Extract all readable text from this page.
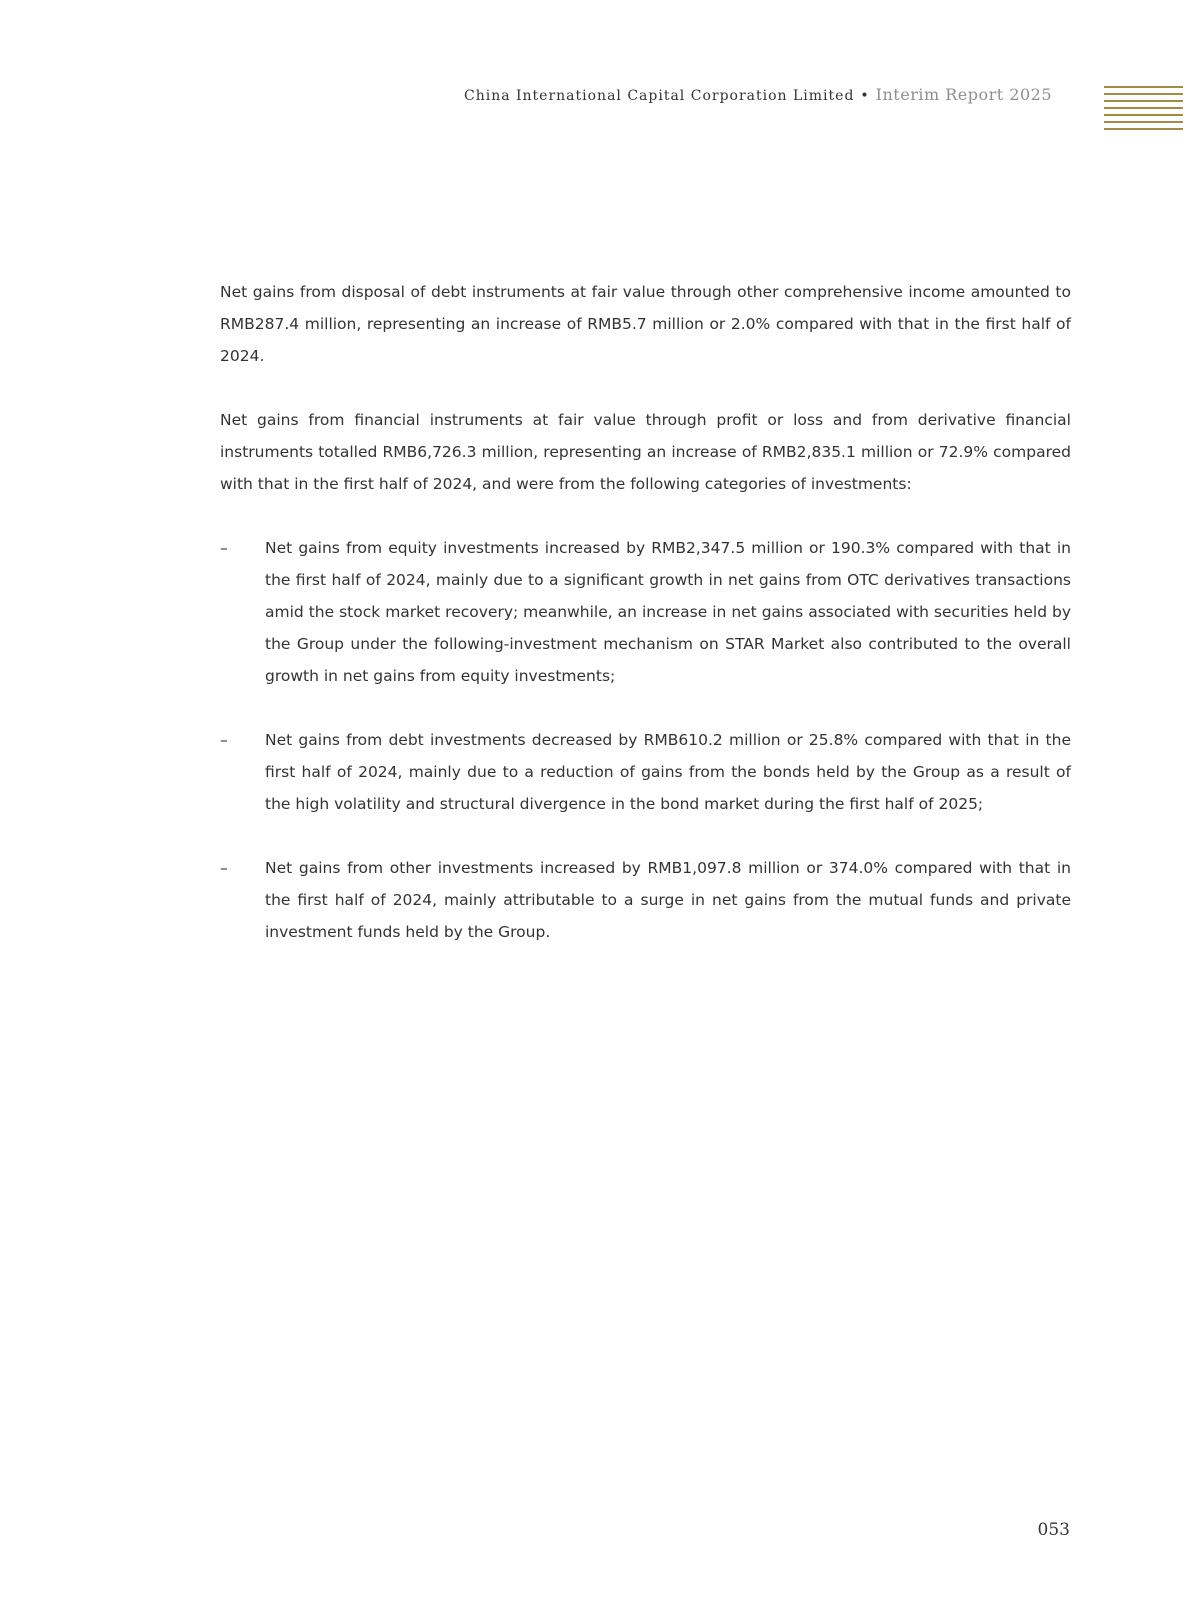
China International Capital Corporation Limited • Interim Report 2025

Net gains from disposal of debt instruments at fair value through other comprehensive income amounted to RMB287.4 million, representing an increase of RMB5.7 million or 2.0% compared with that in the first half of 2024.

Net gains from financial instruments at fair value through profit or loss and from derivative financial instruments totalled RMB6,726.3 million, representing an increase of RMB2,835.1 million or 72.9% compared with that in the first half of 2024, and were from the following categories of investments:

– Net gains from equity investments increased by RMB2,347.5 million or 190.3% compared with that in the first half of 2024, mainly due to a significant growth in net gains from OTC derivatives transactions amid the stock market recovery; meanwhile, an increase in net gains associated with securities held by the Group under the following-investment mechanism on STAR Market also contributed to the overall growth in net gains from equity investments;
– Net gains from debt investments decreased by RMB610.2 million or 25.8% compared with that in the first half of 2024, mainly due to a reduction of gains from the bonds held by the Group as a result of the high volatility and structural divergence in the bond market during the first half of 2025;
– Net gains from other investments increased by RMB1,097.8 million or 374.0% compared with that in the first half of 2024, mainly attributable to a surge in net gains from the mutual funds and private investment funds held by the Group.
053
